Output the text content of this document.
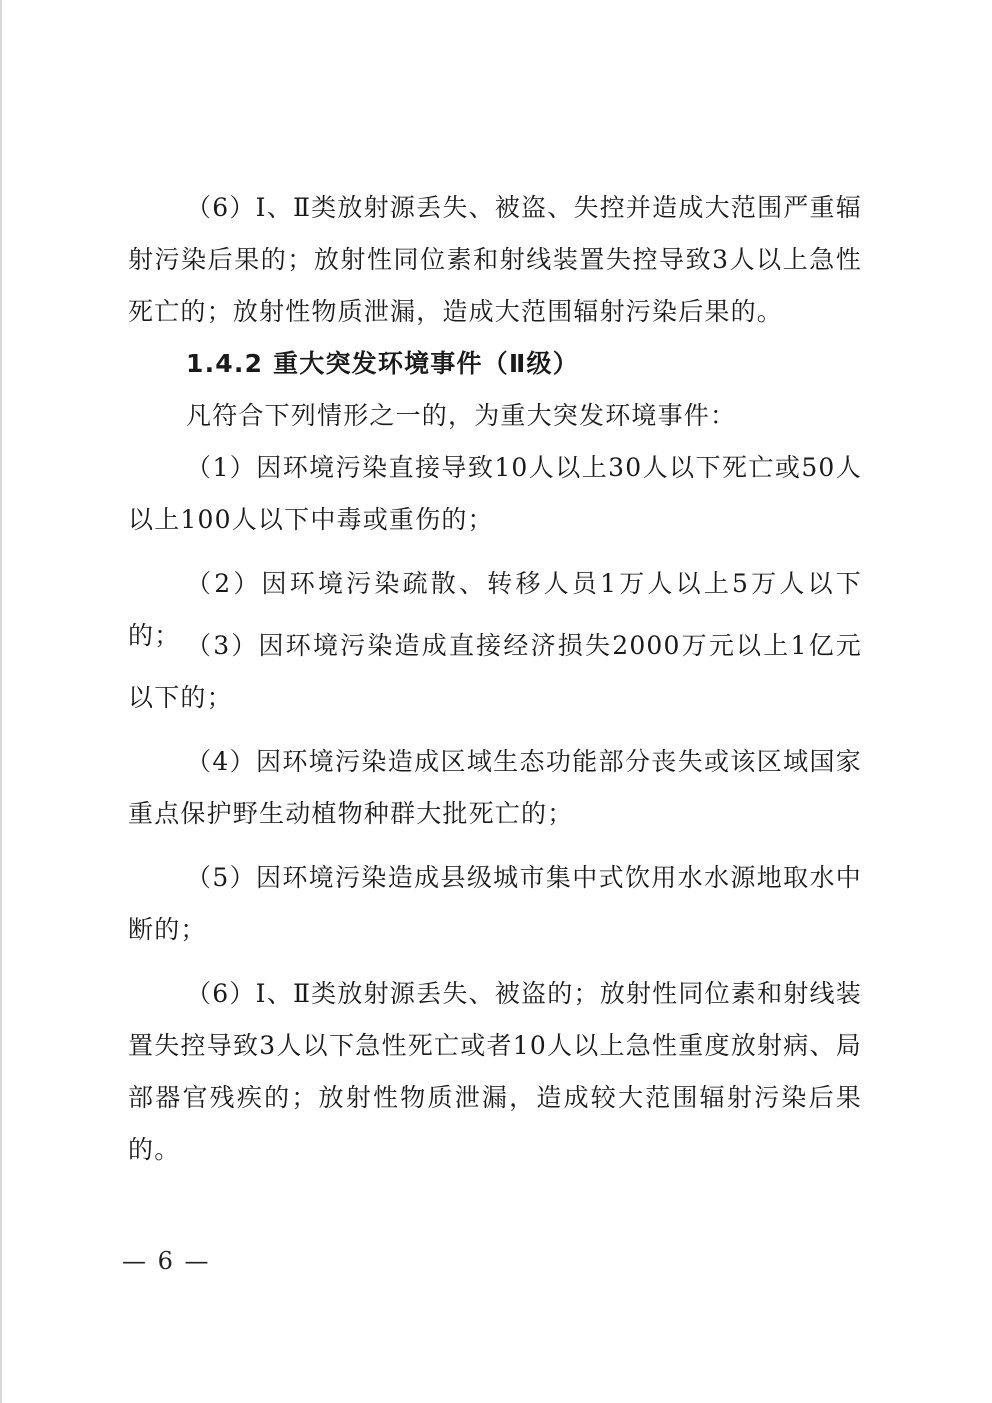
（6）Ⅰ、Ⅱ类放射源丢失、被盗、失控并造成大范围严重辐射污染后果的；放射性同位素和射线装置失控导致3人以上急性死亡的；放射性物质泄漏，造成大范围辐射污染后果的。

1.4.2 重大突发环境事件（Ⅱ级）

凡符合下列情形之一的，为重大突发环境事件：

（1）因环境污染直接导致10人以上30人以下死亡或50人以上100人以下中毒或重伤的；

（2）因环境污染疏散、转移人员1万人以上5万人以下的； （3）因环境污染造成直接经济损失2000万元以上1亿元以下的；

（4）因环境污染造成区域生态功能部分丧失或该区域国家重点保护野生动植物种群大批死亡的；

（5）因环境污染造成县级城市集中式饮用水水源地取水中断的；

（6）Ⅰ、Ⅱ类放射源丢失、被盗的；放射性同位素和射线装置失控导致3人以下急性死亡或者10人以上急性重度放射病、局部器官残疾的；放射性物质泄漏，造成较大范围辐射污染后果的。

— 6 —
